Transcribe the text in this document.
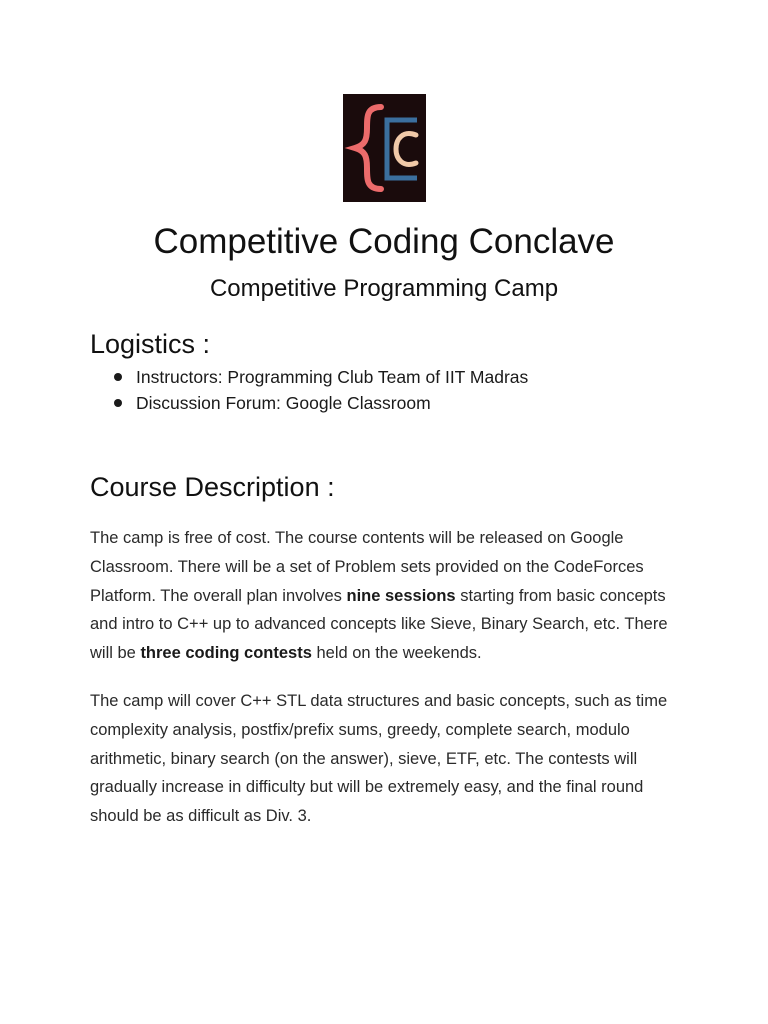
Competitive Coding Conclave
Competitive Programming Camp
Logistics :
Instructors: Programming Club Team of IIT Madras
Discussion Forum: Google Classroom
Course Description :

The camp is free of cost. The course contents will be released on Google Classroom. There will be a set of Problem sets provided on the CodeForces Platform. The overall plan involves nine sessions starting from basic concepts and intro to C++ up to advanced concepts like Sieve, Binary Search, etc. There will be three coding contests held on the weekends.

The camp will cover C++ STL data structures and basic concepts, such as time complexity analysis, postfix/prefix sums, greedy, complete search, modulo arithmetic, binary search (on the answer), sieve, ETF, etc. The contests will gradually increase in difficulty but will be extremely easy, and the final round should be as difficult as Div. 3.
